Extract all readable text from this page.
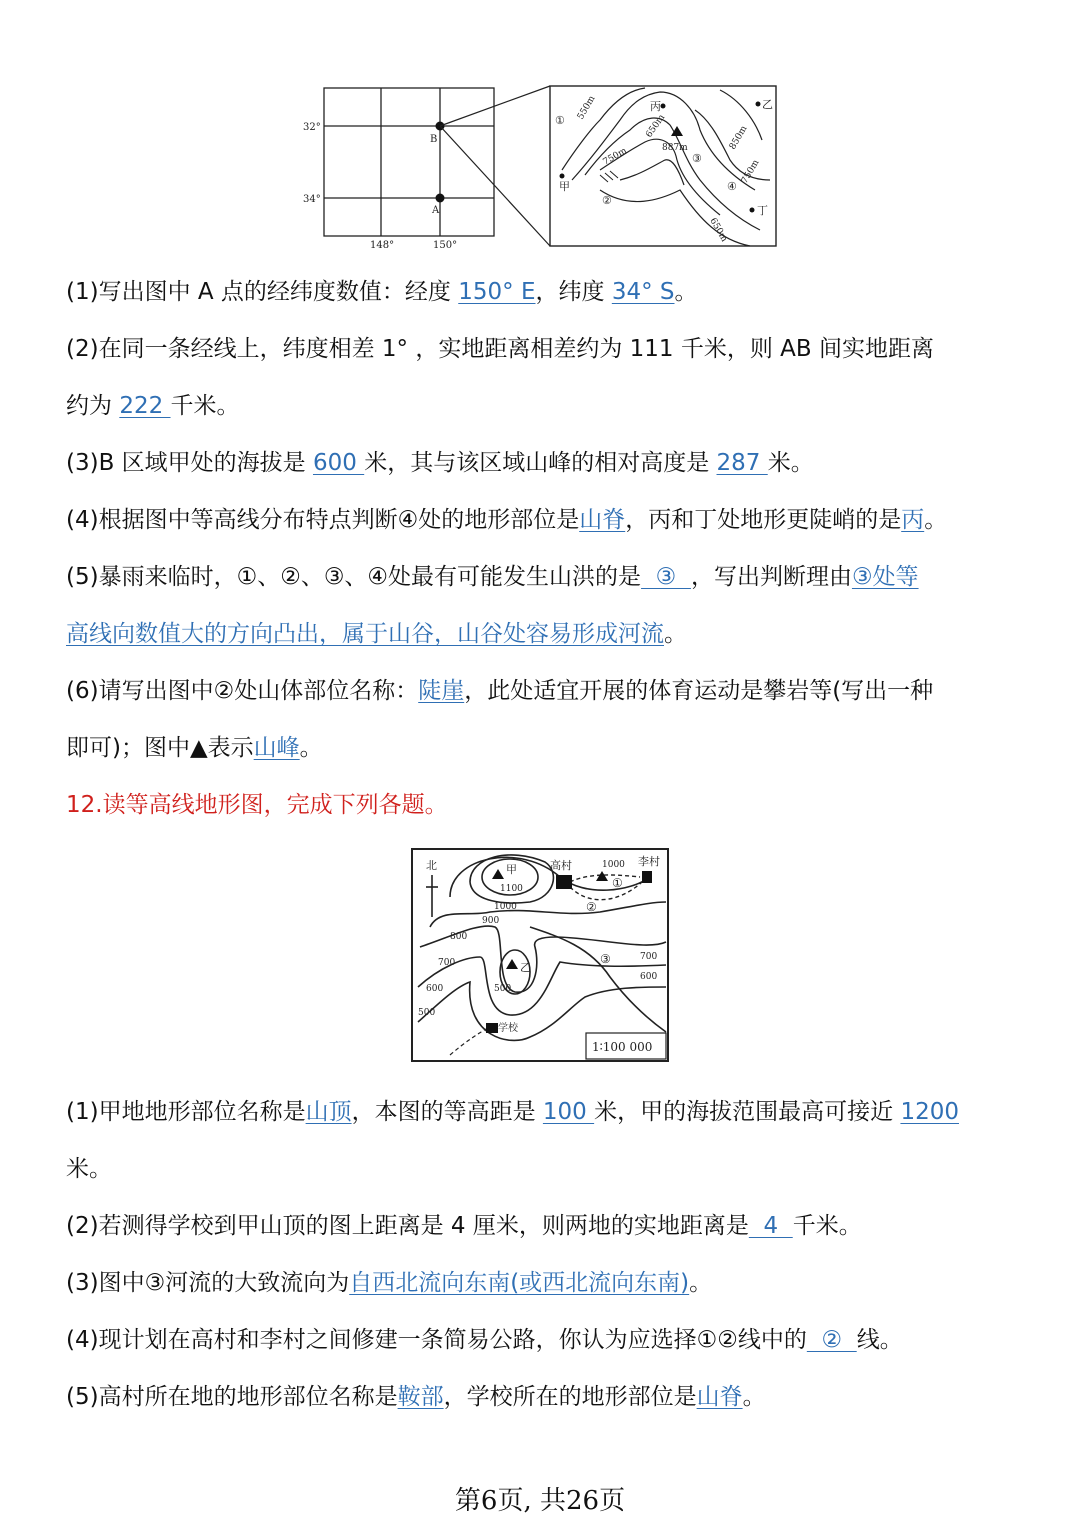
32°
34°
148°	150°
B
A
550m
650m
750m	887m	850m
750m
650m
甲
丙	乙
丁
①
②
③
④
(1)写出图中 A 点的经纬度数值：经度 150° E，纬度 34° S。
(2)在同一条经线上，纬度相差 1° ，实地距离相差约为 111 千米，则 AB 间实地距离
约为 222 千米。
(3)B 区域甲处的海拔是 600 米，其与该区域山峰的相对高度是 287 米。
(4)根据图中等高线分布特点判断④处的地形部位是山脊，丙和丁处地形更陡峭的是丙。
(5)暴雨来临时，①、②、③、④处最有可能发生山洪的是  ③  ，写出判断理由③处等
高线向数值大的方向凸出，属于山谷，山谷处容易形成河流。
(6)请写出图中②处山体部位名称：陡崖，此处适宜开展的体育运动是攀岩等(写出一种
即可)；图中▲表示山峰。
12.读等高线地形图，完成下列各题。
北	甲
1100
高村	1000 李村
①
②
1000
900
800
700
600
500
乙
500
③	700
600
学校
1∶100 000
(1)甲地地形部位名称是山顶，本图的等高距是 100 米，甲的海拔范围最高可接近 1200
米。
(2)若测得学校到甲山顶的图上距离是 4 厘米，则两地的实地距离是  4  千米。
(3)图中③河流的大致流向为自西北流向东南(或西北流向东南)。
(4)现计划在高村和李村之间修建一条简易公路，你认为应选择①②线中的  ②  线。
(5)高村所在地的地形部位名称是鞍部，学校所在的地形部位是山脊。
第6页, 共26页
